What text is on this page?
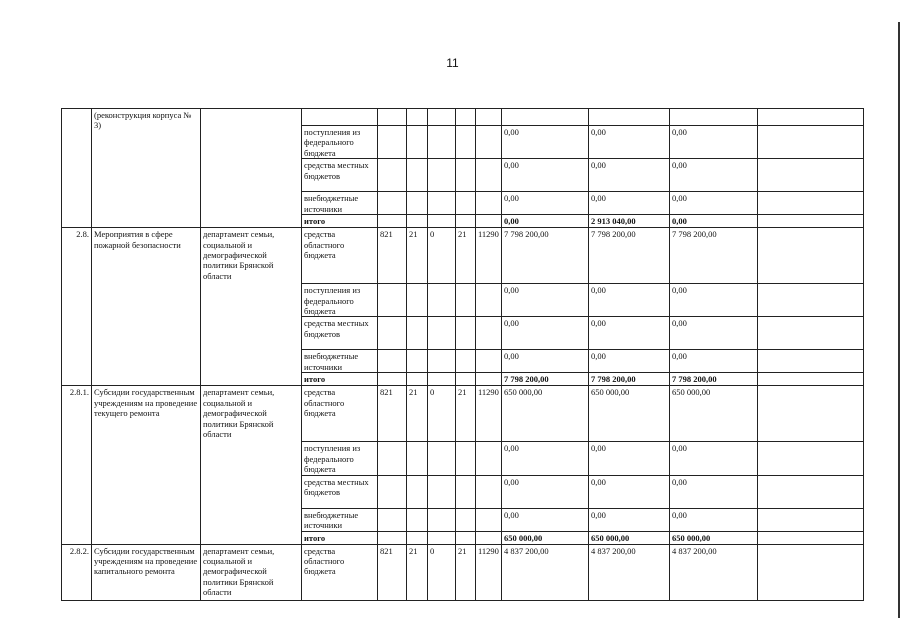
11
	(реконструкция корпуса № 3)											
			поступления из федерального бюджета						0,00	0,00	0,00	
			средства местных бюджетов						0,00	0,00	0,00	
			внебюджетные источники						0,00	0,00	0,00	
			итого						0,00	2 913 040,00	0,00	
2.8.	Мероприятия в сфере пожарной безопасности	департамент семьи, социальной и демографической политики Брянской области	средства областного бюджета	821	21	0	21	11290	7 798 200,00	7 798 200,00	7 798 200,00	
			поступления из федерального бюджета						0,00	0,00	0,00	
			средства местных бюджетов						0,00	0,00	0,00	
			внебюджетные источники						0,00	0,00	0,00	
			итого						7 798 200,00	7 798 200,00	7 798 200,00	
2.8.1.	Субсидии государственным учреждениям на проведение текущего ремонта	департамент семьи, социальной и демографической политики Брянской области	средства областного бюджета	821	21	0	21	11290	650 000,00	650 000,00	650 000,00	
			поступления из федерального бюджета						0,00	0,00	0,00	
			средства местных бюджетов						0,00	0,00	0,00	
			внебюджетные источники						0,00	0,00	0,00	
			итого						650 000,00	650 000,00	650 000,00	
2.8.2.	Субсидии государственным учреждениям на проведение капитального ремонта	департамент семьи, социальной и демографической политики Брянской области	средства областного бюджета	821	21	0	21	11290	4 837 200,00	4 837 200,00	4 837 200,00	
